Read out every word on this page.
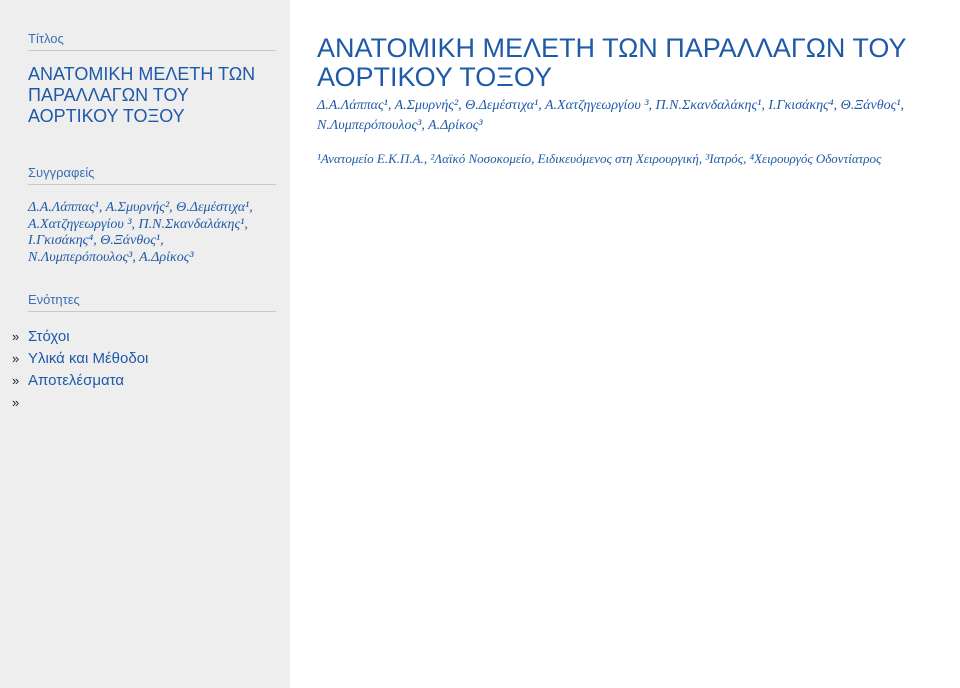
Τίτλος
ΑΝΑΤΟΜΙΚΗ ΜΕΛΕΤΗ ΤΩΝ ΠΑΡΑΛΛΑΓΩΝ ΤΟΥ ΑΟΡΤΙΚΟΥ ΤΟΞΟΥ
Συγγραφείς
Δ.Α.Λάππας¹, Α.Σμυρνής², Θ.Δεμέστιχα¹, Α.Χατζηγεωργίου ³, Π.Ν.Σκανδαλάκης¹, Ι.Γκισάκης⁴, Θ.Ξάνθος¹, Ν.Λυμπερόπουλος³, Α.Δρίκος³
Ενότητες
» Στόχοι
» Υλικά και Μέθοδοι
» Αποτελέσματα
»
ΑΝΑΤΟΜΙΚΗ ΜΕΛΕΤΗ ΤΩΝ ΠΑΡΑΛΛΑΓΩΝ ΤΟΥ ΑΟΡΤΙΚΟΥ ΤΟΞΟΥ
Δ.Α.Λάππας¹, Α.Σμυρνής², Θ.Δεμέστιχα¹, Α.Χατζηγεωργίου ³, Π.Ν.Σκανδαλάκης¹, Ι.Γκισάκης⁴, Θ.Ξάνθος¹, Ν.Λυμπερόπουλος³, Α.Δρίκος³
¹Ανατομείο Ε.Κ.Π.Α., ²Λαϊκό Νοσοκομείο, Ειδικευόμενος στη Χειρουργική, ³Ιατρός, ⁴Χειρουργός Οδοντίατρος
